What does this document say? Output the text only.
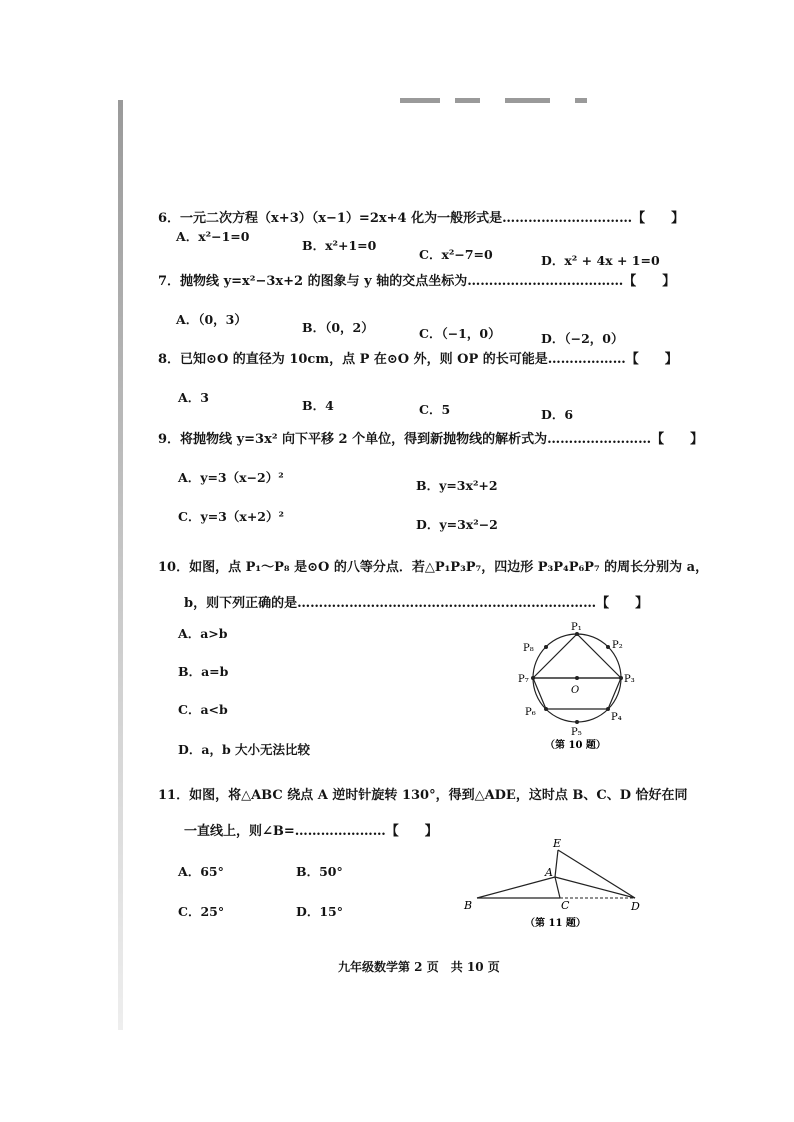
6．一元二次方程（x+3）（x−1）=2x+4 化为一般形式是…………………………【　　】
A．x²−1=0
B．x²+1=0
C．x²−7=0	D．x² + 4x + 1=0
7．抛物线 y=x²−3x+2 的图象与 y 轴的交点坐标为………………………………【　　】
A．（0，3）
B．（0，2）	C．（−1，0）	D．（−2，0）
8．已知⊙O 的直径为 10cm，点 P 在⊙O 外，则 OP 的长可能是………………【　　】
A．3
B．4	C．5	D．6
9．将抛物线 y=3x² 向下平移 2 个单位，得到新抛物线的解析式为……………………【　　】
A．y=3（x−2）²
B．y=3x²+2
C．y=3（x+2）²
D．y=3x²−2
10．如图，点 P₁～P₈ 是⊙O 的八等分点．若△P₁P₃P₇，四边形 P₃P₄P₆P₇ 的周长分别为 a，
b，则下列正确的是……………………………………………………………【　　】
A．a>b
B．a=b
C．a<b
D．a，b 大小无法比较
P₁
P₂
P₃
P₄
P₅
P₆
P₇
P₈
O
（第 10 题）
11．如图，将△ABC 绕点 A 逆时针旋转 130°，得到△ADE，这时点 B、C、D 恰好在同
一直线上，则∠B=…………………【　　】
A．65°	B．50°
C．25°	D．15°
E
A
B	C	D
（第 11 题）
九年级数学第 2 页　共 10 页
